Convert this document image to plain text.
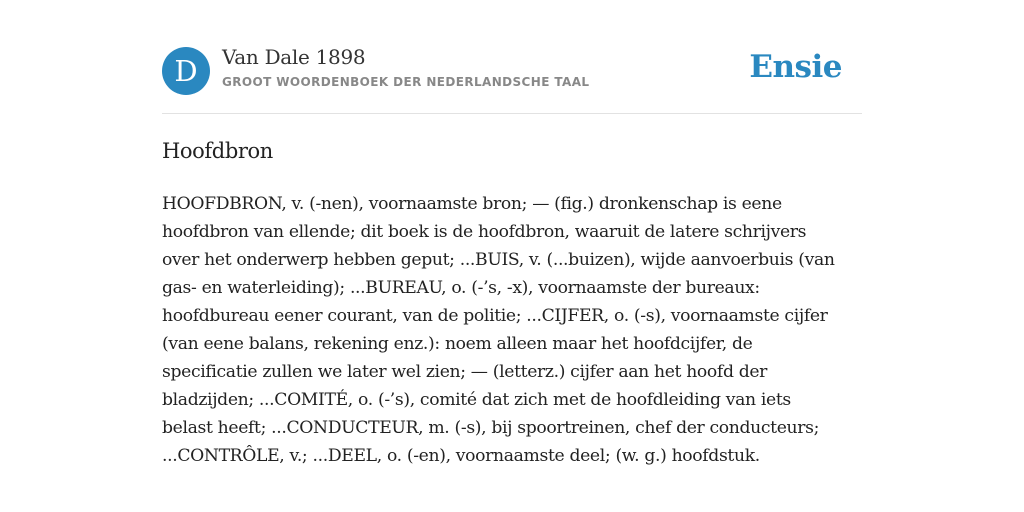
D	Van Dale 1898
GROOT WOORDENBOEK DER NEDERLANDSCHE TAAL	Ensie
Hoofdbron
HOOFDBRON, v. (-nen), voornaamste bron; — (fig.) dronkenschap is eene
hoofdbron van ellende; dit boek is de hoofdbron, waaruit de latere schrijvers
over het onderwerp hebben geput; ...BUIS, v. (...buizen), wijde aanvoerbuis (van
gas- en waterleiding); ...BUREAU, o. (-’s, -x), voornaamste der bureaux:
hoofdbureau eener courant, van de politie; ...CIJFER, o. (-s), voornaamste cijfer
(van eene balans, rekening enz.): noem alleen maar het hoofdcijfer, de
specificatie zullen we later wel zien; — (letterz.) cijfer aan het hoofd der
bladzijden; ...COMITÉ, o. (-’s), comité dat zich met de hoofdleiding van iets
belast heeft; ...CONDUCTEUR, m. (-s), bij spoortreinen, chef der conducteurs;
...CONTRÔLE, v.; ...DEEL, o. (-en), voornaamste deel; (w. g.) hoofdstuk.
